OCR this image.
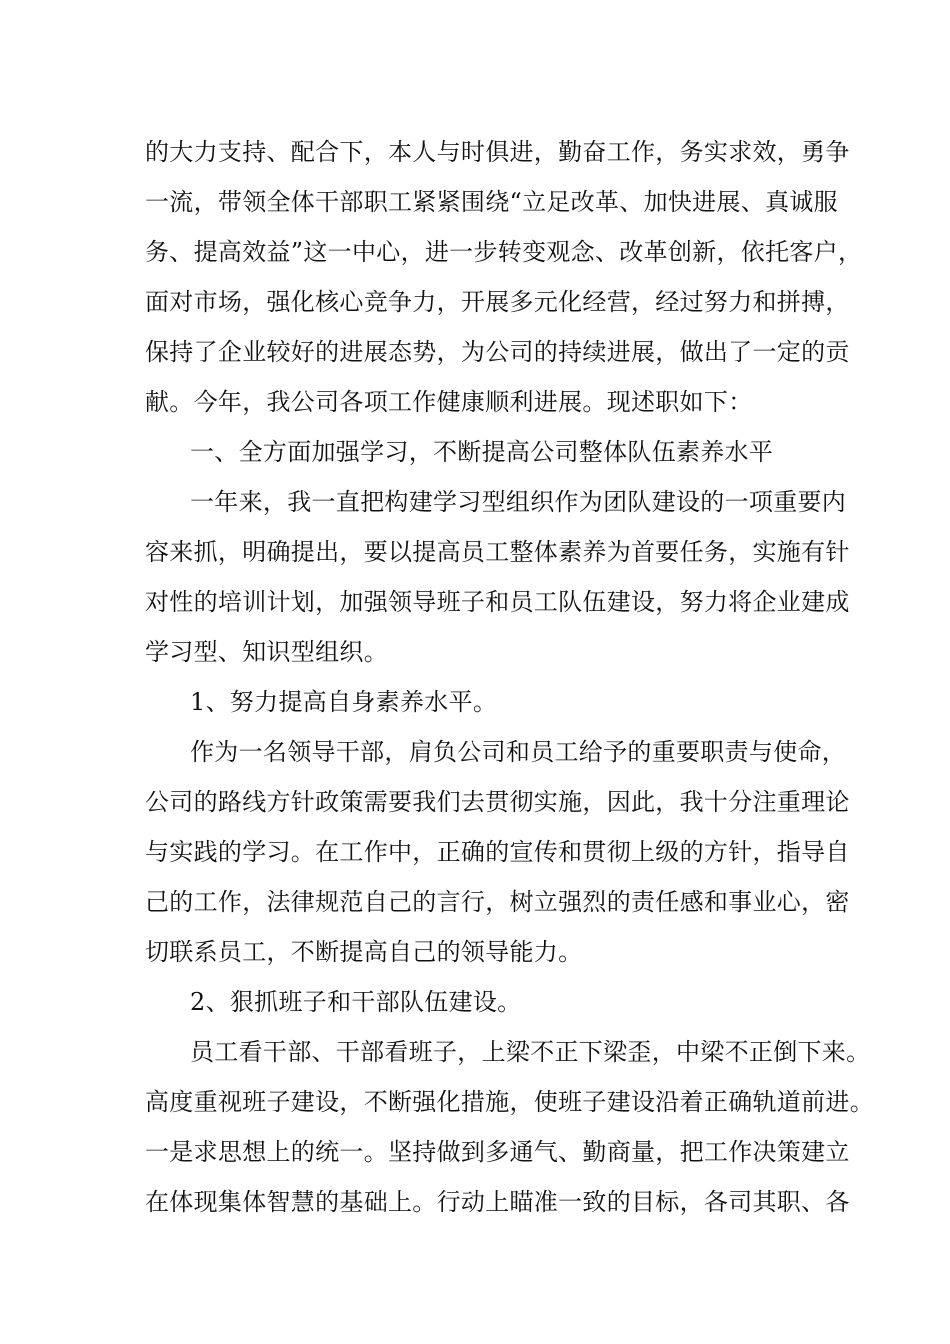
的大力支持、配合下，本人与时俱进，勤奋工作，务实求效，勇争
一流，带领全体干部职工紧紧围绕“立足改革、加快进展、真诚服
务、提高效益”这一中心，进一步转变观念、改革创新，依托客户，
面对市场，强化核心竞争力，开展多元化经营，经过努力和拼搏，
保持了企业较好的进展态势，为公司的持续进展，做出了一定的贡
献。今年，我公司各项工作健康顺利进展。现述职如下：
一、全方面加强学习，不断提高公司整体队伍素养水平
一年来，我一直把构建学习型组织作为团队建设的一项重要内
容来抓，明确提出，要以提高员工整体素养为首要任务，实施有针
对性的培训计划，加强领导班子和员工队伍建设，努力将企业建成
学习型、知识型组织。
1、努力提高自身素养水平。
作为一名领导干部，肩负公司和员工给予的重要职责与使命，
公司的路线方针政策需要我们去贯彻实施，因此，我十分注重理论
与实践的学习。在工作中，正确的宣传和贯彻上级的方针，指导自
己的工作，法律规范自己的言行，树立强烈的责任感和事业心，密
切联系员工，不断提高自己的领导能力。
2、狠抓班子和干部队伍建设。
员工看干部、干部看班子，上梁不正下梁歪，中梁不正倒下来。
高度重视班子建设，不断强化措施，使班子建设沿着正确轨道前进。
一是求思想上的统一。坚持做到多通气、勤商量，把工作决策建立
在体现集体智慧的基础上。行动上瞄准一致的目标，各司其职、各
